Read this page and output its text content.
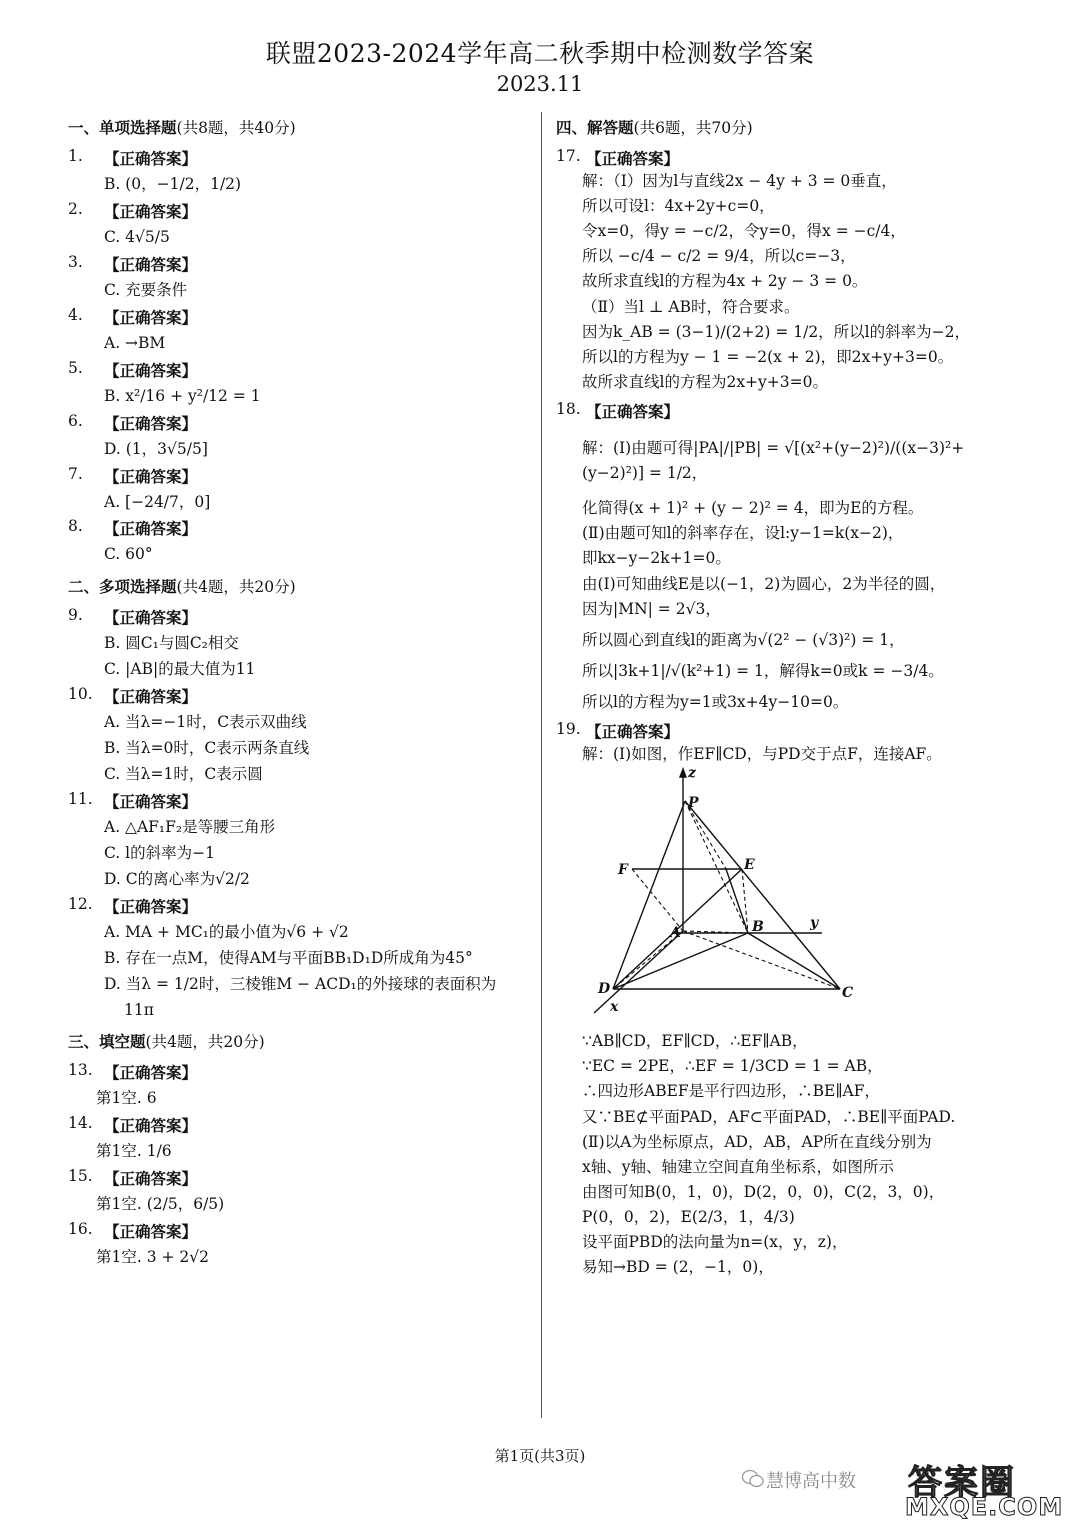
联盟2023-2024学年高二秋季期中检测数学答案
2023.11
一、单项选择题(共8题，共40分)
1.	【正确答案】
B. (0，−1/2，1/2)
2.	【正确答案】
C. 4√5/5
3.	【正确答案】
C. 充要条件
4.	【正确答案】
A. →BM
5.	【正确答案】
B. x²/16 + y²/12 = 1
6.	【正确答案】
D. (1，3√5/5]
7.	【正确答案】
A. [−24/7，0]
8.	【正确答案】
C. 60°
二、多项选择题(共4题，共20分)
9.	【正确答案】
B. 圆C₁与圆C₂相交
C. |AB|的最大值为11
10. 【正确答案】
A. 当λ=−1时，C表示双曲线
B. 当λ=0时，C表示两条直线
C. 当λ=1时，C表示圆
11. 【正确答案】
A. △AF₁F₂是等腰三角形
C. l的斜率为−1
D. C的离心率为√2/2
12. 【正确答案】
A. MA + MC₁的最小值为√6 + √2
B. 存在一点M，使得AM与平面BB₁D₁D所成角为45°
D. 当λ = 1/2时，三棱锥M − ACD₁的外接球的表面积为
11π
三、填空题(共4题，共20分)
13. 【正确答案】
第1空. 6
14. 【正确答案】
第1空. 1/6
15. 【正确答案】
第1空. (2/5，6/5)
16. 【正确答案】
第1空. 3 + 2√2
四、解答题(共6题，共70分)
17. 【正确答案】
解：（Ⅰ）因为l与直线2x − 4y + 3 = 0垂直，
所以可设l：4x+2y+c=0，
令x=0，得y = −c/2，令y=0，得x = −c/4，
所以 −c/4 − c/2 = 9/4，所以c=−3，
故所求直线l的方程为4x + 2y − 3 = 0。
（Ⅱ）当l ⊥ AB时，符合要求。
因为k_AB = (3−1)/(2+2) = 1/2，所以l的斜率为−2，
所以l的方程为y − 1 = −2(x + 2)，即2x+y+3=0。
故所求直线l的方程为2x+y+3=0。
18. 【正确答案】
解：(Ⅰ)由题可得|PA|/|PB| = √[(x²+(y−2)²)/((x−3)²+(y−2)²)] = 1/2，
化简得(x + 1)² + (y − 2)² = 4，即为E的方程。
(Ⅱ)由题可知l的斜率存在，设l:y−1=k(x−2)，
即kx−y−2k+1=0。
由(Ⅰ)可知曲线E是以(−1，2)为圆心，2为半径的圆，
因为|MN| = 2√3，
所以圆心到直线l的距离为√(2² − (√3)²) = 1，
所以|3k+1|/√(k²+1) = 1，解得k=0或k = −3/4。
所以l的方程为y=1或3x+4y−10=0。
19. 【正确答案】
解：(Ⅰ)如图，作EF∥CD，与PD交于点F，连接AF。
z
P
F	E
A	B	y
D	C
x
∵AB∥CD，EF∥CD，∴EF∥AB，
∵EC = 2PE，∴EF = 1/3CD = 1 = AB，
∴四边形ABEF是平行四边形，∴BE∥AF，
又∵BE⊄平面PAD，AF⊂平面PAD，∴BE∥平面PAD.
(Ⅱ)以A为坐标原点，AD，AB，AP所在直线分别为
x轴、y轴、轴建立空间直角坐标系，如图所示
由图可知B(0，1，0)，D(2，0，0)，C(2，3，0)，
P(0，0，2)，E(2/3，1，4/3)
设平面PBD的法向量为n=(x，y，z)，
易知→BD = (2，−1，0)，
第1页(共3页)
慧博高中数 答案圈
MXQE.COM
